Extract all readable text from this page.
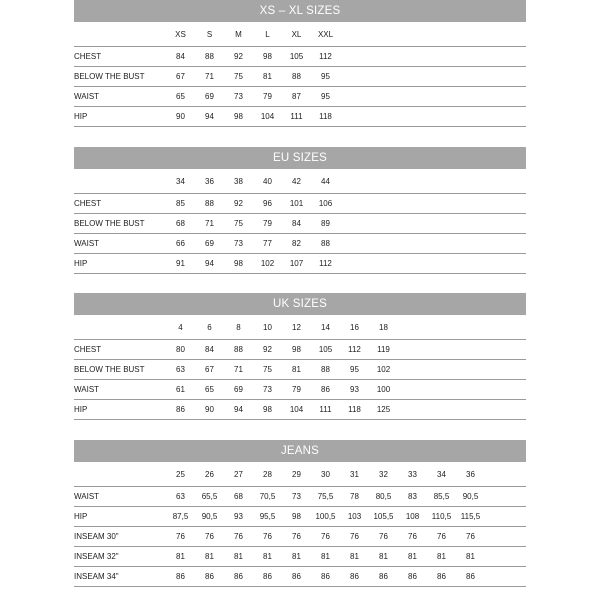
XS – XL SIZES
	XS	S	M	L	XL	XXL	
CHEST	84	88	92	98	105	112	
BELOW THE BUST	67	71	75	81	88	95	
WAIST	65	69	73	79	87	95	
HIP	90	94	98	104	111	118	
EU SIZES
	34	36	38	40	42	44	
CHEST	85	88	92	96	101	106	
BELOW THE BUST	68	71	75	79	84	89	
WAIST	66	69	73	77	82	88	
HIP	91	94	98	102	107	112	
UK SIZES
	4	6	8	10	12	14	16	18	
CHEST	80	84	88	92	98	105	112	119	
BELOW THE BUST	63	67	71	75	81	88	95	102	
WAIST	61	65	69	73	79	86	93	100	
HIP	86	90	94	98	104	111	118	125	
JEANS
	25	26	27	28	29	30	31	32	33	34	36	
WAIST	63	65,5	68	70,5	73	75,5	78	80,5	83	85,5	90,5	
HIP	87,5	90,5	93	95,5	98	100,5	103	105,5	108	110,5	115,5	
INSEAM 30"	76	76	76	76	76	76	76	76	76	76	76	
INSEAM 32"	81	81	81	81	81	81	81	81	81	81	81	
INSEAM 34"	86	86	86	86	86	86	86	86	86	86	86	
